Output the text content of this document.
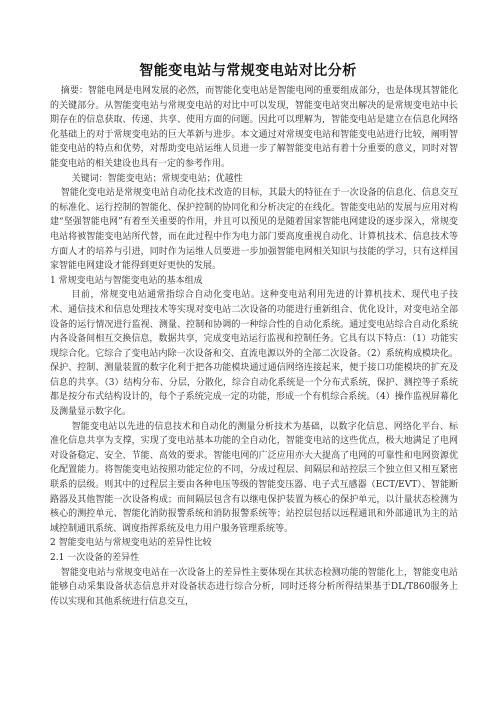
智能变电站与常规变电站对比分析

摘要：智能电网是电网发展的必然，而智能化变电站是智能电网的重要组成部分，也是体现其智能化的关键部分。从智能变电站与常规变电站的对比中可以发现，智能变电站突出解决的是常规变电站中长期存在的信息获取、传递、共享、使用方面的问题。因此可以理解为，智能变电站是建立在信息化网络化基础上的对于常规变电站的巨大革新与进步。本文通过对常规变电站和智能变电站进行比较，阐明智能变电站的特点和优势，对帮助变电站运维人员进一步了解智能变电站有着十分重要的意义，同时对智能变电站的相关建设也具有一定的参考作用。

关键词：智能变电站；常规变电站；优越性

智能化变电站是常规变电站自动化技术改造的目标，其最大的特征在于一次设备的信息化、信息交互的标准化、运行控制的智能化、保护控制的协同化和分析决定的在线化。智能变电站的发展与应用对构建“坚强智能电网”有着至关重要的作用，并且可以预见的是随着国家智能电网建设的逐步深入，常规变电站将被智能变电站所代替，而在此过程中作为电力部门要高度重视自动化、计算机技术、信息技术等方面人才的培养与引进，同时作为运维人员要进一步加强智能电网相关知识与技能的学习，只有这样国家智能电网建设才能得到更好更快的发展。

1 常规变电站与智能变电站的基本组成

目前，常规变电站通常指综合自动化变电站。这种变电站利用先进的计算机技术、现代电子技术、通信技术和信息处理技术等实现对变电站二次设备的功能进行重新组合、优化设计，对变电站全部设备的运行情况进行监视、测量、控制和协调的一种综合性的自动化系统。通过变电站综合自动化系统内各设备间相互交换信息，数据共享，完成变电站运行监视和控制任务。它具有以下特点：（1）功能实现综合化。它综合了变电站内除一次设备和交、直流电源以外的全部二次设备。（2）系统构成模块化。保护、控制、测量装置的数字化利于把各功能模块通过通信网络连接起来，便于接口功能模块的扩充及信息的共享。（3）结构分布、分层，分散化，综合自动化系统是一个分布式系统，保护、测控等子系统都是按分布式结构设计的，每个子系统完成一定的功能，形成一个有机综合系统。（4）操作监视屏幕化及测量显示数字化。

智能变电站以先进的信息技术和自动化的测量分析技术为基础，以数字化信息、网络化平台、标准化信息共享为支撑，实现了变电站基本功能的全自动化，智能变电站的这些优点，极大地满足了电网对设备稳定、安全、节能、高效的要求。智能电网的广泛应用亦大大提高了电网的可靠性和电网资源优化配置能力。将智能变电站按照功能定位的不同，分成过程层、间隔层和站控层三个独立但又相互紧密联系的层级。则其中的过程层主要由各种电压等级的智能变压器、电子式互感器（ECT/EVT）、智能断路器及其他智能一次设备构成；而间隔层包含有以继电保护装置为核心的保护单元，以计量状态检测为核心的测控单元、智能化消防报警系统和消防报警系统等；站控层包括以远程通讯和外部通讯为主的站域控制通讯系统、调度指挥系统及电力用户服务管理系统等。

2 智能变电站与常规变电站的差异性比较

2.1 一次设备的差异性

智能变电站与常规变电站在一次设备上的差异性主要体现在其状态检测功能的智能化上，智能变电站能够自动采集设备状态信息并对设备状态进行综合分析，同时还将分析所得结果基于DL/T860服务上传以实现和其他系统进行信息交互，
